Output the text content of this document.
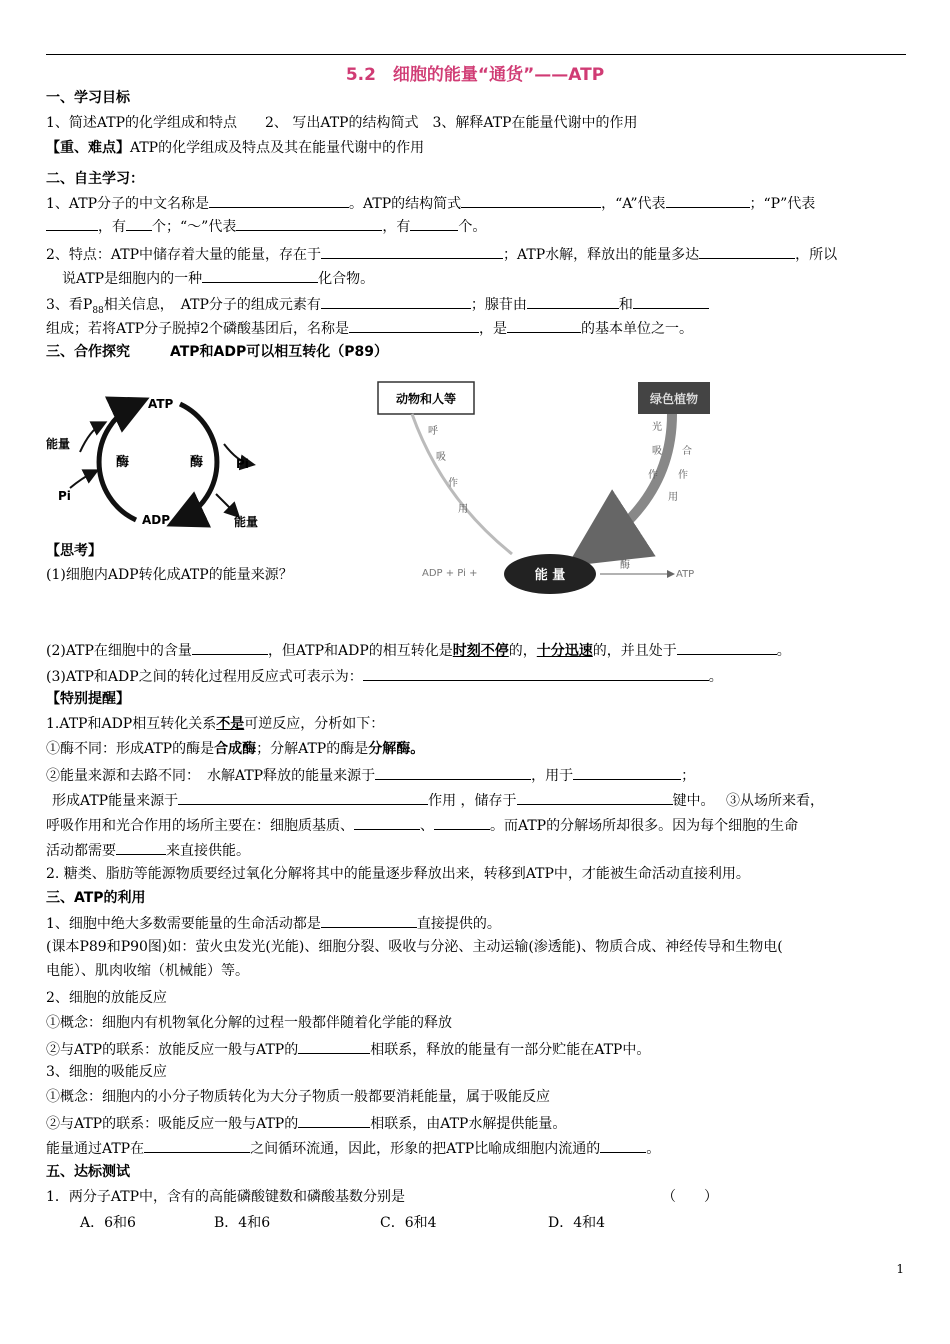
5.2　细胞的能量“通货”——ATP
一、学习目标
1、简述ATP的化学组成和特点　　2、 写出ATP的结构简式　3、解释ATP在能量代谢中的作用
【重、难点】ATP的化学组成及特点及其在能量代谢中的作用
二、自主学习：
1、ATP分子的中文名称是	。ATP的结构简式	，“A”代表	；“P”代表
，有 个；“～”代表	，有	个。
2、特点：ATP中储存着大量的能量，存在于	；ATP水解，释放出的能量多达	，所以
说ATP是细胞内的一种	化合物。
3、看$P_{88}$相关信息，　ATP分子的组成元素有	；腺苷由	和
组成；若将ATP分子脱掉2个磷酸基团后，名称是	，是	的基本单位之一。
三、合作探究	ATP和ADP可以相互转化（P89）
ATP
ADP
能量
Pi
Pi
能量
酶	酶
动物和人等	绿色植物
呼
吸
作
用
光
合
吸
作
作
用
ADP + Pi +	能 量
酶
ATP
【思考】
(1)细胞内ADP转化成ATP的能量来源？
(2)ATP在细胞中的含量	，但ATP和ADP的相互转化是时刻不停的，十分迅速的，并且处于	。
(3)ATP和ADP之间的转化过程用反应式可表示为：	。
【特别提醒】
1.ATP和ADP相互转化关系不是可逆反应，分析如下：
①酶不同：形成ATP的酶是合成酶；分解ATP的酶是分解酶。
②能量来源和去路不同：　水解ATP释放的能量来源于	，用于	；
形成ATP能量来源于	作用 ，储存于	键中。　 ③从场所来看，
呼吸作用和光合作用的场所主要在：细胞质基质、	、	。而ATP的分解场所却很多。因为每个细胞的生命
活动都需要	来直接供能。
2. 糖类、脂肪等能源物质要经过氧化分解将其中的能量逐步释放出来，转移到ATP中，才能被生命活动直接利用。
三、ATP的利用
1、细胞中绝大多数需要能量的生命活动都是	直接提供的。
(课本P89和P90图)如：萤火虫发光(光能)、细胞分裂、吸收与分泌、主动运输(渗透能)、物质合成、神经传导和生物电(
电能）、肌肉收缩（机械能）等。
2、细胞的放能反应
①概念：细胞内有机物氧化分解的过程一般都伴随着化学能的释放
②与ATP的联系：放能反应一般与ATP的	相联系，释放的能量有一部分贮能在ATP中。
3、细胞的吸能反应
①概念：细胞内的小分子物质转化为大分子物质一般都要消耗能量，属于吸能反应
②与ATP的联系：吸能反应一般与ATP的	相联系，由ATP水解提供能量。
能量通过ATP在	之间循环流通，因此，形象的把ATP比喻成细胞内流通的	。
五、达标测试
1．两分子ATP中，含有的高能磷酸键数和磷酸基数分别是	（　　）
A．6和6	B．4和6	C．6和4	D．4和4
1
